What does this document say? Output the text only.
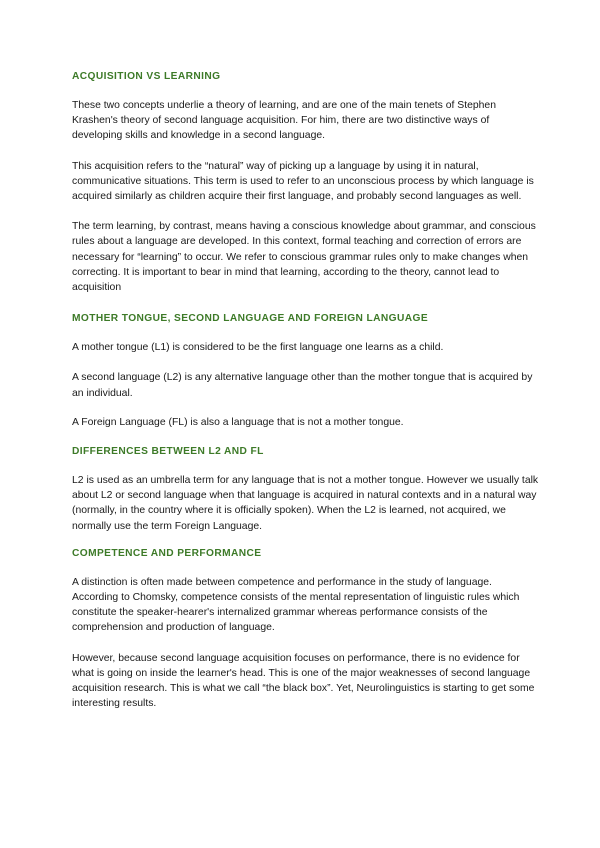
ACQUISITION VS LEARNING

These two concepts underlie a theory of learning, and are one of the main tenets of Stephen Krashen's theory of second language acquisition. For him, there are two distinctive ways of developing skills and knowledge in a second language.

This acquisition refers to the “natural” way of picking up a language by using it in natural, communicative situations. This term is used to refer to an unconscious process by which language is acquired similarly as children acquire their first language, and probably second languages as well.

The term learning, by contrast, means having a conscious knowledge about grammar, and conscious rules about a language are developed. In this context, formal teaching and correction of errors are necessary for “learning” to occur. We refer to conscious grammar rules only to make changes when correcting. It is important to bear in mind that learning, according to the theory, cannot lead to acquisition

MOTHER TONGUE, SECOND LANGUAGE AND FOREIGN LANGUAGE

A mother tongue (L1) is considered to be the first language one learns as a child.

A second language (L2) is any alternative language other than the mother tongue that is acquired by an individual.

A Foreign Language (FL) is also a language that is not a mother tongue.

DIFFERENCES BETWEEN L2 AND FL

L2 is used as an umbrella term for any language that is not a mother tongue. However we usually talk about L2 or second language when that language is acquired in natural contexts and in a natural way (normally, in the country where it is officially spoken). When the L2 is learned, not acquired, we normally use the term Foreign Language.

COMPETENCE AND PERFORMANCE

A distinction is often made between competence and performance in the study of language. According to Chomsky, competence consists of the mental representation of linguistic rules which constitute the speaker-hearer's internalized grammar whereas performance consists of the comprehension and production of language.

However, because second language acquisition focuses on performance, there is no evidence for what is going on inside the learner's head. This is one of the major weaknesses of second language acquisition research. This is what we call “the black box”. Yet, Neurolinguistics is starting to get some interesting results.
